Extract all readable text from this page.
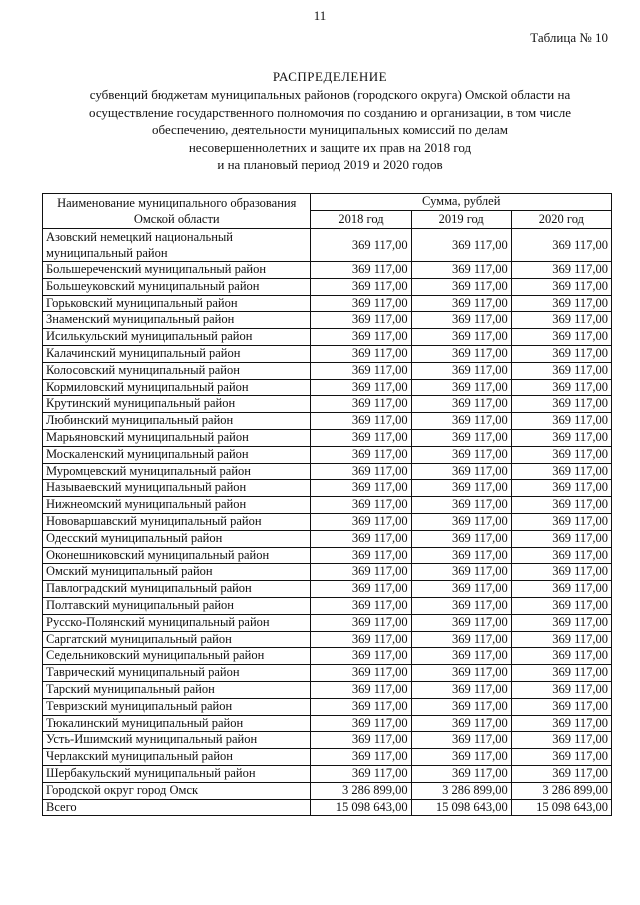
11
Таблица № 10
РАСПРЕДЕЛЕНИЕ
субвенций бюджетам муниципальных районов (городского округа) Омской области на
осуществление государственного полномочия по созданию и организации, в том числе
обеспечению, деятельности муниципальных комиссий по делам
несовершеннолетних и защите их прав на 2018 год
и на плановый период 2019 и 2020 годов
Наименование муниципального образования Омской области	Сумма, рублей		
	2018 год	2019 год	2020 год
Азовский немецкий национальный муниципальный район	369 117,00	369 117,00	369 117,00
Большереченский муниципальный район	369 117,00	369 117,00	369 117,00
Большеуковский муниципальный район	369 117,00	369 117,00	369 117,00
Горьковский муниципальный район	369 117,00	369 117,00	369 117,00
Знаменский муниципальный район	369 117,00	369 117,00	369 117,00
Исилькульский муниципальный район	369 117,00	369 117,00	369 117,00
Калачинский муниципальный район	369 117,00	369 117,00	369 117,00
Колосовский муниципальный район	369 117,00	369 117,00	369 117,00
Кормиловский муниципальный район	369 117,00	369 117,00	369 117,00
Крутинский муниципальный район	369 117,00	369 117,00	369 117,00
Любинский муниципальный район	369 117,00	369 117,00	369 117,00
Марьяновский муниципальный район	369 117,00	369 117,00	369 117,00
Москаленский муниципальный район	369 117,00	369 117,00	369 117,00
Муромцевский муниципальный район	369 117,00	369 117,00	369 117,00
Называевский муниципальный район	369 117,00	369 117,00	369 117,00
Нижнеомский муниципальный район	369 117,00	369 117,00	369 117,00
Нововаршавский муниципальный район	369 117,00	369 117,00	369 117,00
Одесский муниципальный район	369 117,00	369 117,00	369 117,00
Оконешниковский муниципальный район	369 117,00	369 117,00	369 117,00
Омский муниципальный район	369 117,00	369 117,00	369 117,00
Павлоградский муниципальный район	369 117,00	369 117,00	369 117,00
Полтавский муниципальный район	369 117,00	369 117,00	369 117,00
Русско-Полянский муниципальный район	369 117,00	369 117,00	369 117,00
Саргатский муниципальный район	369 117,00	369 117,00	369 117,00
Седельниковский муниципальный район	369 117,00	369 117,00	369 117,00
Таврический муниципальный район	369 117,00	369 117,00	369 117,00
Тарский муниципальный район	369 117,00	369 117,00	369 117,00
Тевризский муниципальный район	369 117,00	369 117,00	369 117,00
Тюкалинский муниципальный район	369 117,00	369 117,00	369 117,00
Усть-Ишимский муниципальный район	369 117,00	369 117,00	369 117,00
Черлакский муниципальный район	369 117,00	369 117,00	369 117,00
Шербакульский муниципальный район	369 117,00	369 117,00	369 117,00
Городской округ город Омск	3 286 899,00	3 286 899,00	3 286 899,00
Всего	15 098 643,00	15 098 643,00	15 098 643,00
